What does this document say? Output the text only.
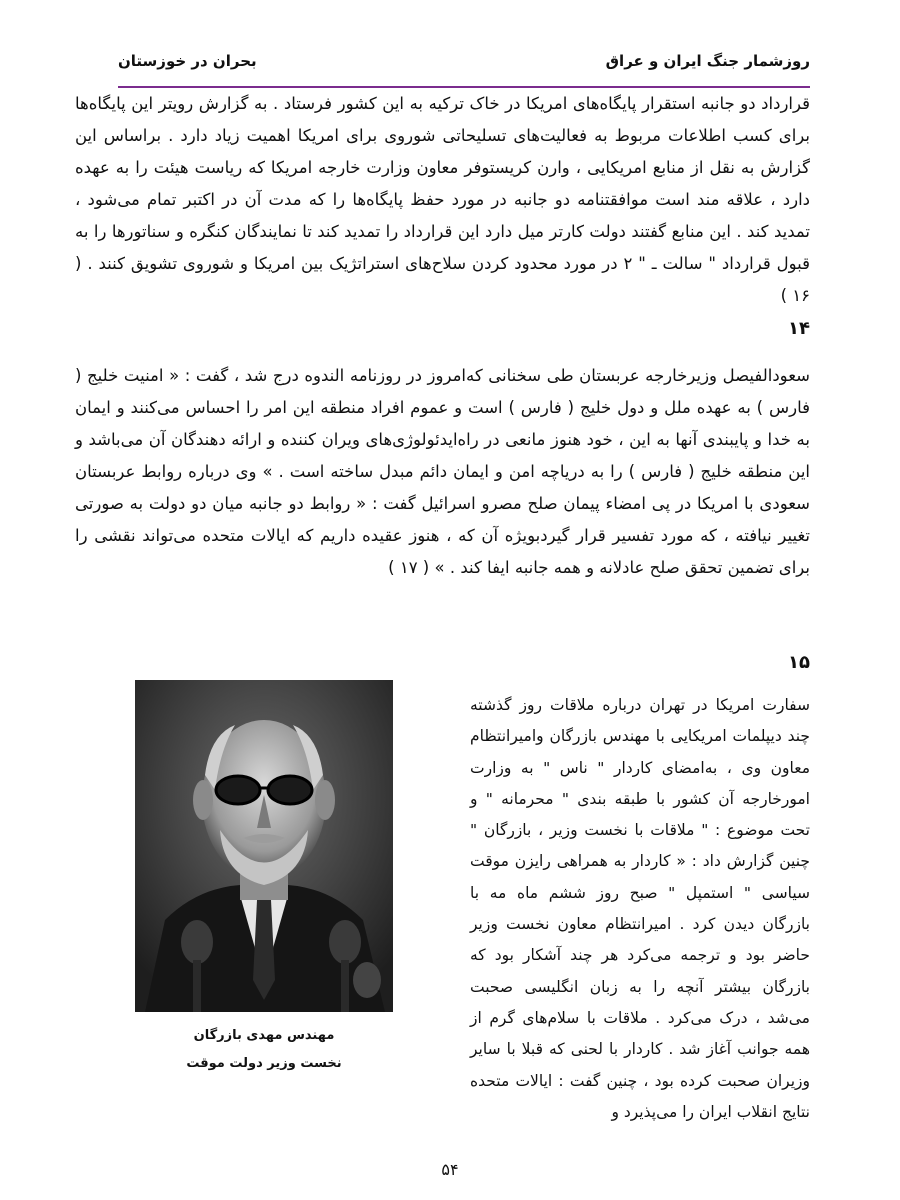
بحران در خوزستان	روزشمار جنگ ایران و عراق

قرارداد دو جانبه استقرار پایگاه‌های امریکا در خاک ترکیه به این کشور فرستاد . به گزارش رویتر این پایگاه‌ها برای کسب اطلاعات مربوط به فعالیت‌های تسلیحاتی شوروی برای امریکا اهمیت زیاد دارد . براساس این گزارش به نقل از منابع امریکایی ، وارن کریستوفر معاون وزارت خارجه امریکا که ریاست هیئت را به عهده دارد ، علاقه مند است موافقتنامه دو جانبه در مورد حفظ پایگاه‌ها را که مدت آن در اکتبر تمام می‌شود ، تمدید کند . این منابع گفتند دولت کارتر میل دارد این قرارداد را تمدید کند تا نمایندگان کنگره و سناتورها را به قبول قرارداد " سالت ـ " ۲ در مورد محدود کردن سلاح‌های استراتژیک بین امریکا و شوروی تشویق کنند . ( ۱۶ )

۱۴

سعودالفیصل وزیرخارجه عربستان طی سخنانی که‌امروز در روزنامه الندوه درج شد ، گفت : « امنیت خلیج ( فارس ) به عهده ملل و دول خلیج ( فارس ) است و عموم افراد منطقه این امر را احساس می‌کنند و ایمان به خدا و پایبندی آنها به این ، خود هنوز مانعی در راه‌ایدئولوژی‌های ویران کننده و ارائه دهندگان آن می‌باشد و این منطقه خلیج ( فارس ) را به دریاچه امن و ایمان دائم مبدل ساخته است . » وی درباره روابط عربستان سعودی با امریکا در پی امضاء پیمان صلح مصرو اسرائیل گفت : « روابط دو جانبه میان دو دولت به صورتی تغییر نیافته ، که مورد تفسیر قرار گیردبویژه آن که ، هنوز عقیده داریم که ایالات متحده می‌تواند نقشی را برای تضمین تحقق صلح عادلانه و همه جانبه ایفا کند . » ( ۱۷ )

۱۵

سفارت امریکا در تهران درباره ملاقات روز گذشته چند دیپلمات امریکایی با مهندس بازرگان وامیرانتظام معاون وی ، به‌امضای کاردار " ناس " به وزارت امورخارجه آن کشور با طبقه بندی " محرمانه " و تحت موضوع : " ملاقات با نخست وزیر ، بازرگان " چنین گزارش داد : « کاردار به همراهی رایزن موقت سیاسی " استمپل " صبح روز ششم ماه مه با بازرگان دیدن کرد . امیرانتظام معاون نخست وزیر حاضر بود و ترجمه می‌کرد هر چند آشکار بود که بازرگان بیشتر آنچه را به زبان انگلیسی صحبت می‌شد ، درک می‌کرد . ملاقات با سلام‌های گرم از همه جوانب آغاز شد . کاردار با لحنی که قبلا با سایر وزیران صحبت کرده بود ، چنین گفت : ایالات متحده نتایج انقلاب ایران را می‌پذیرد و

مهندس مهدی بازرگان
نخست وزیر دولت موقت
۵۴
